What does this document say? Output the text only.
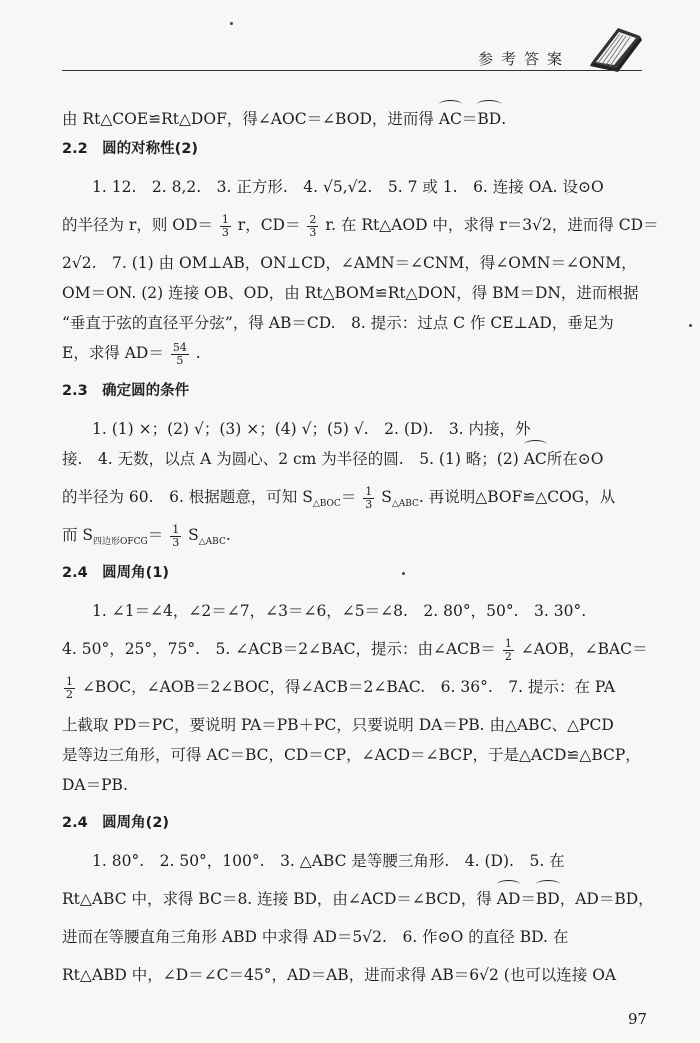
参考答案
由 Rt△COE≌Rt△DOF，得∠AOC＝∠BOD，进而得 AC＝BD.
2.2　圆的对称性(2)
1. 12.　2. 8,2.　3. 正方形.　4. √5,√2.　5. 7 或 1.　6. 连接 OA. 设⊙O
的半径为 r，则 $OD= \frac{1}{3}$ r，$CD= \frac{2}{3} r$. 在 Rt△AOD 中，求得 r＝3√2，进而得 CD＝
2√2.　7. (1) 由 OM⊥AB，ON⊥CD，∠AMN＝∠CNM，得∠OMN＝∠ONM，
OM＝ON. (2) 连接 OB、OD，由 Rt△BOM≌Rt△DON，得 BM＝DN，进而根据
“垂直于弦的直径平分弦”，得 AB＝CD.　8. 提示：过点 C 作 CE⊥AD，垂足为
E，求得 $AD= \frac{54}{5}$ .
2.3　确定圆的条件
1. (1) ×；(2) √；(3) ×；(4) √；(5) √.　2. (D).　3. 内接，外
接.　4. 无数，以点 A 为圆心、2 cm 为半径的圆.　5. (1) 略；(2) AC所在⊙O
的半径为 60.　6. 根据题意，可知 $S_{\triangle BOC}= \frac{1}{3} S_{\triangle ABC}$. 再说明△BOF≌△COG，从
而 $S_{四边形OFCG}= \frac{1}{3} S_{\triangle ABC}$.
2.4　圆周角(1)
1. ∠1＝∠4，∠2＝∠7，∠3＝∠6，∠5＝∠8.　2. 80°，50°.　3. 30°.
4. 50°，25°，75°.　5. ∠ACB＝2∠BAC，提示：由∠ACB＝ $\frac{1}{2}$ ∠AOB，∠BAC＝
$\frac{1}{2}$ ∠BOC，∠AOB＝2∠BOC，得∠ACB＝2∠BAC.　6. 36°.　7. 提示：在 PA
上截取 PD＝PC，要说明 PA＝PB＋PC，只要说明 DA＝PB. 由△ABC、△PCD
是等边三角形，可得 AC＝BC，CD＝CP，∠ACD＝∠BCP，于是△ACD≌△BCP，
DA＝PB.
2.4　圆周角(2)
1. 80°.　2. 50°，100°.　3. △ABC 是等腰三角形.　4. (D).　5. 在
Rt△ABC 中，求得 BC＝8. 连接 BD，由∠ACD＝∠BCD，得 AD＝BD，AD＝BD，
进而在等腰直角三角形 ABD 中求得 AD＝5√2.　6. 作⊙O 的直径 BD. 在
Rt△ABD 中，∠D＝∠C＝45°，AD＝AB，进而求得 AB＝6√2 (也可以连接 OA
97
